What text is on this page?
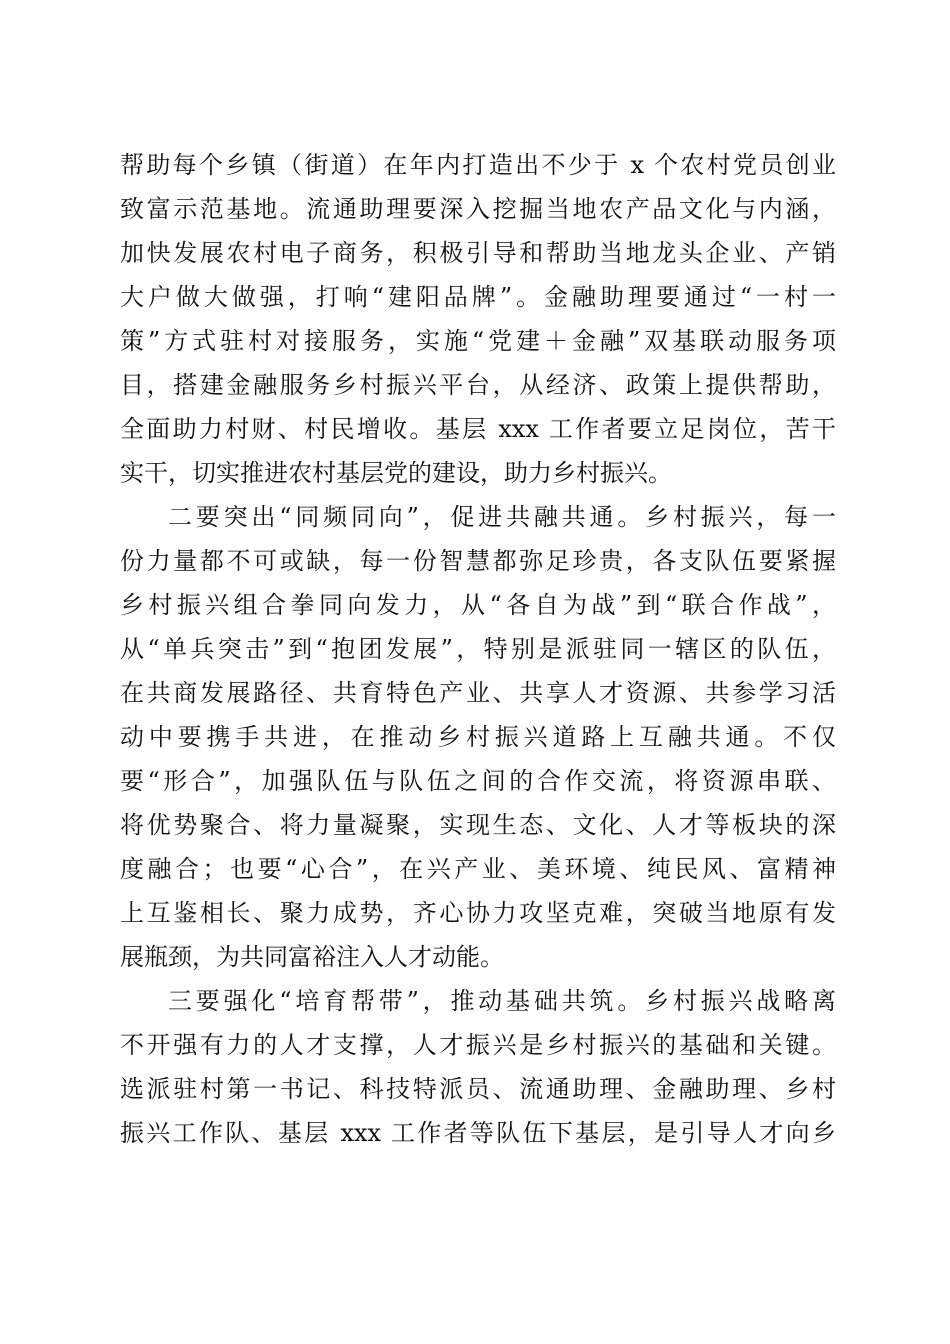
帮助每个乡镇（街道）在年内打造出不少于 x 个农村党员创业
致富示范基地。流通助理要深入挖掘当地农产品文化与内涵，
加快发展农村电子商务，积极引导和帮助当地龙头企业、产销
大户做大做强，打响“建阳品牌”。金融助理要通过“一村一
策”方式驻村对接服务，实施“党建＋金融”双基联动服务项
目，搭建金融服务乡村振兴平台，从经济、政策上提供帮助，
全面助力村财、村民增收。基层 xxx 工作者要立足岗位，苦干
实干，切实推进农村基层党的建设，助力乡村振兴。
二要突出“同频同向”，促进共融共通。乡村振兴，每一
份力量都不可或缺，每一份智慧都弥足珍贵，各支队伍要紧握
乡村振兴组合拳同向发力，从“各自为战”到“联合作战”，
从“单兵突击”到“抱团发展”，特别是派驻同一辖区的队伍，
在共商发展路径、共育特色产业、共享人才资源、共参学习活
动中要携手共进，在推动乡村振兴道路上互融共通。不仅
要“形合”，加强队伍与队伍之间的合作交流，将资源串联、
将优势聚合、将力量凝聚，实现生态、文化、人才等板块的深
度融合；也要“心合”，在兴产业、美环境、纯民风、富精神
上互鉴相长、聚力成势，齐心协力攻坚克难，突破当地原有发
展瓶颈，为共同富裕注入人才动能。
三要强化“培育帮带”，推动基础共筑。乡村振兴战略离
不开强有力的人才支撑，人才振兴是乡村振兴的基础和关键。
选派驻村第一书记、科技特派员、流通助理、金融助理、乡村
振兴工作队、基层 xxx 工作者等队伍下基层，是引导人才向乡
